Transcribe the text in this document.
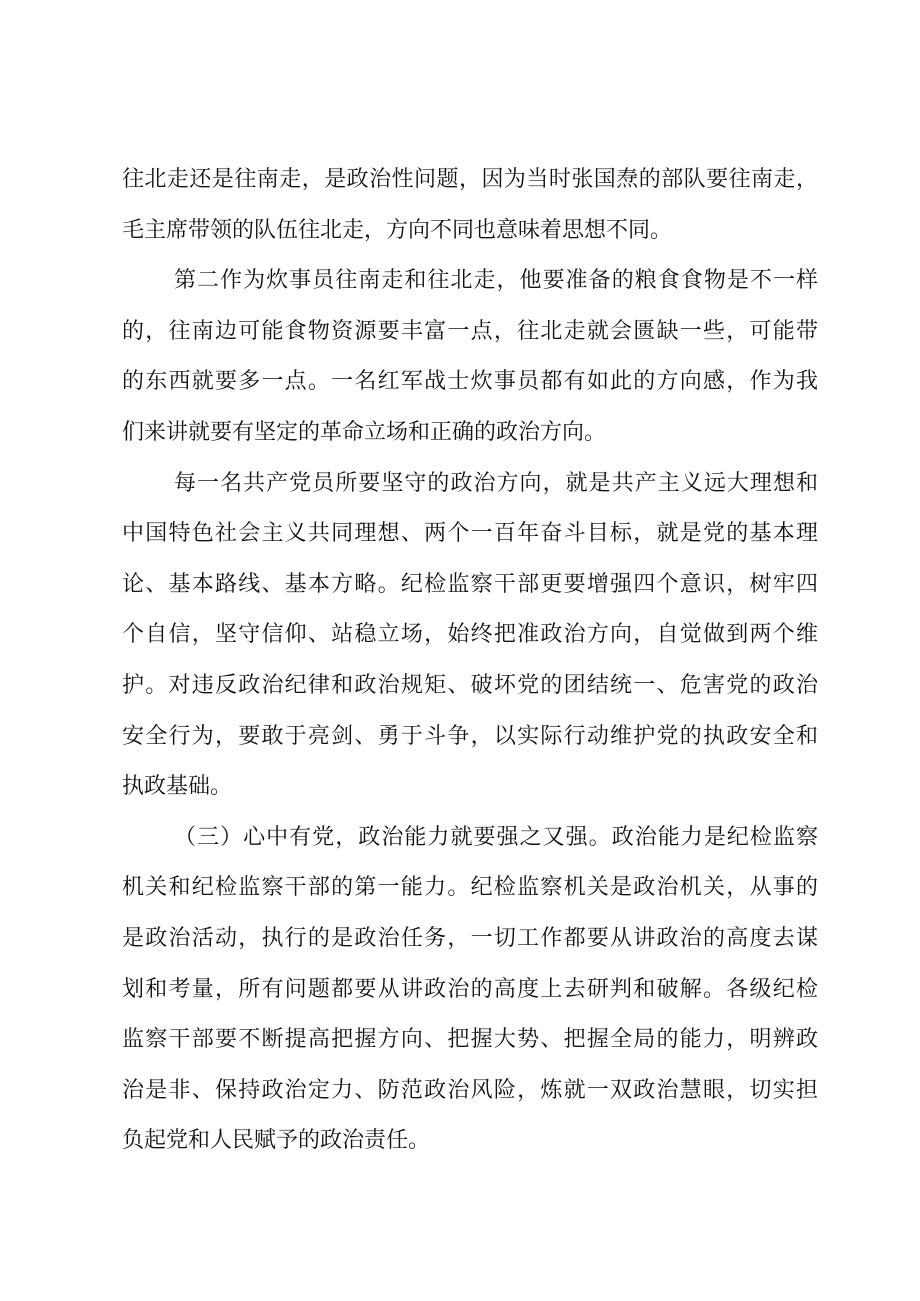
往北走还是往南走，是政治性问题，因为当时张国焘的部队要往南走，
毛主席带领的队伍往北走，方向不同也意味着思想不同。
第二作为炊事员往南走和往北走，他要准备的粮食食物是不一样
的，往南边可能食物资源要丰富一点，往北走就会匮缺一些，可能带
的东西就要多一点。一名红军战士炊事员都有如此的方向感，作为我
们来讲就要有坚定的革命立场和正确的政治方向。
每一名共产党员所要坚守的政治方向，就是共产主义远大理想和
中国特色社会主义共同理想、两个一百年奋斗目标，就是党的基本理
论、基本路线、基本方略。纪检监察干部更要增强四个意识，树牢四
个自信，坚守信仰、站稳立场，始终把准政治方向，自觉做到两个维
护。对违反政治纪律和政治规矩、破坏党的团结统一、危害党的政治
安全行为，要敢于亮剑、勇于斗争，以实际行动维护党的执政安全和
执政基础。
（三）心中有党，政治能力就要强之又强。政治能力是纪检监察
机关和纪检监察干部的第一能力。纪检监察机关是政治机关，从事的
是政治活动，执行的是政治任务，一切工作都要从讲政治的高度去谋
划和考量，所有问题都要从讲政治的高度上去研判和破解。各级纪检
监察干部要不断提高把握方向、把握大势、把握全局的能力，明辨政
治是非、保持政治定力、防范政治风险，炼就一双政治慧眼，切实担
负起党和人民赋予的政治责任。
